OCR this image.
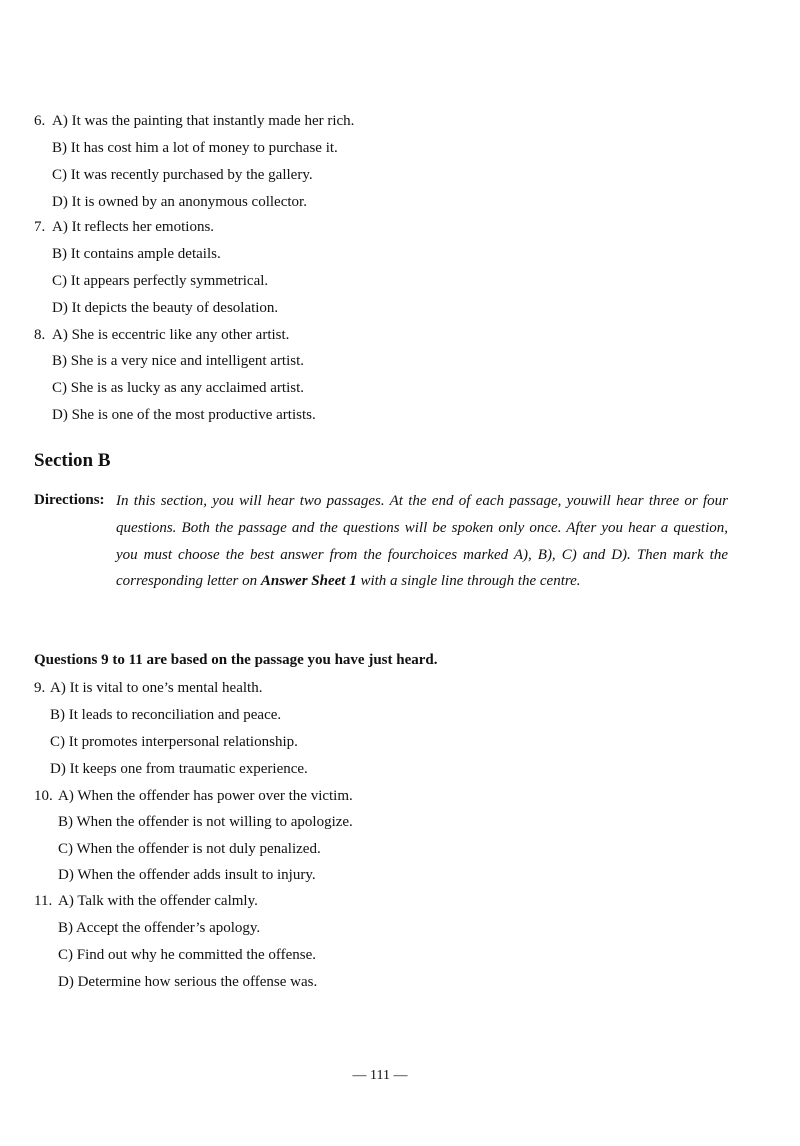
6. A) It was the painting that instantly made her rich.
B) It has cost him a lot of money to purchase it.
C) It was recently purchased by the gallery.
D) It is owned by an anonymous collector.
7. A) It reflects her emotions.
B) It contains ample details.
C) It appears perfectly symmetrical.
D) It depicts the beauty of desolation.
8. A) She is eccentric like any other artist.
B) She is a very nice and intelligent artist.
C) She is as lucky as any acclaimed artist.
D) She is one of the most productive artists.
Section B
Directions: In this section, you will hear two passages. At the end of each passage, youwill hear three or four questions. Both the passage and the questions will be spoken only once. After you hear a question, you must choose the best answer from the fourchoices marked A), B), C) and D). Then mark the corresponding letter on Answer Sheet 1 with a single line through the centre.
Questions 9 to 11 are based on the passage you have just heard.
9. A) It is vital to one’s mental health.
B) It leads to reconciliation and peace.
C) It promotes interpersonal relationship.
D) It keeps one from traumatic experience.
10. A) When the offender has power over the victim.
B) When the offender is not willing to apologize.
C) When the offender is not duly penalized.
D) When the offender adds insult to injury.
11. A) Talk with the offender calmly.
B) Accept the offender’s apology.
C) Find out why he committed the offense.
D) Determine how serious the offense was.
— 111 —
